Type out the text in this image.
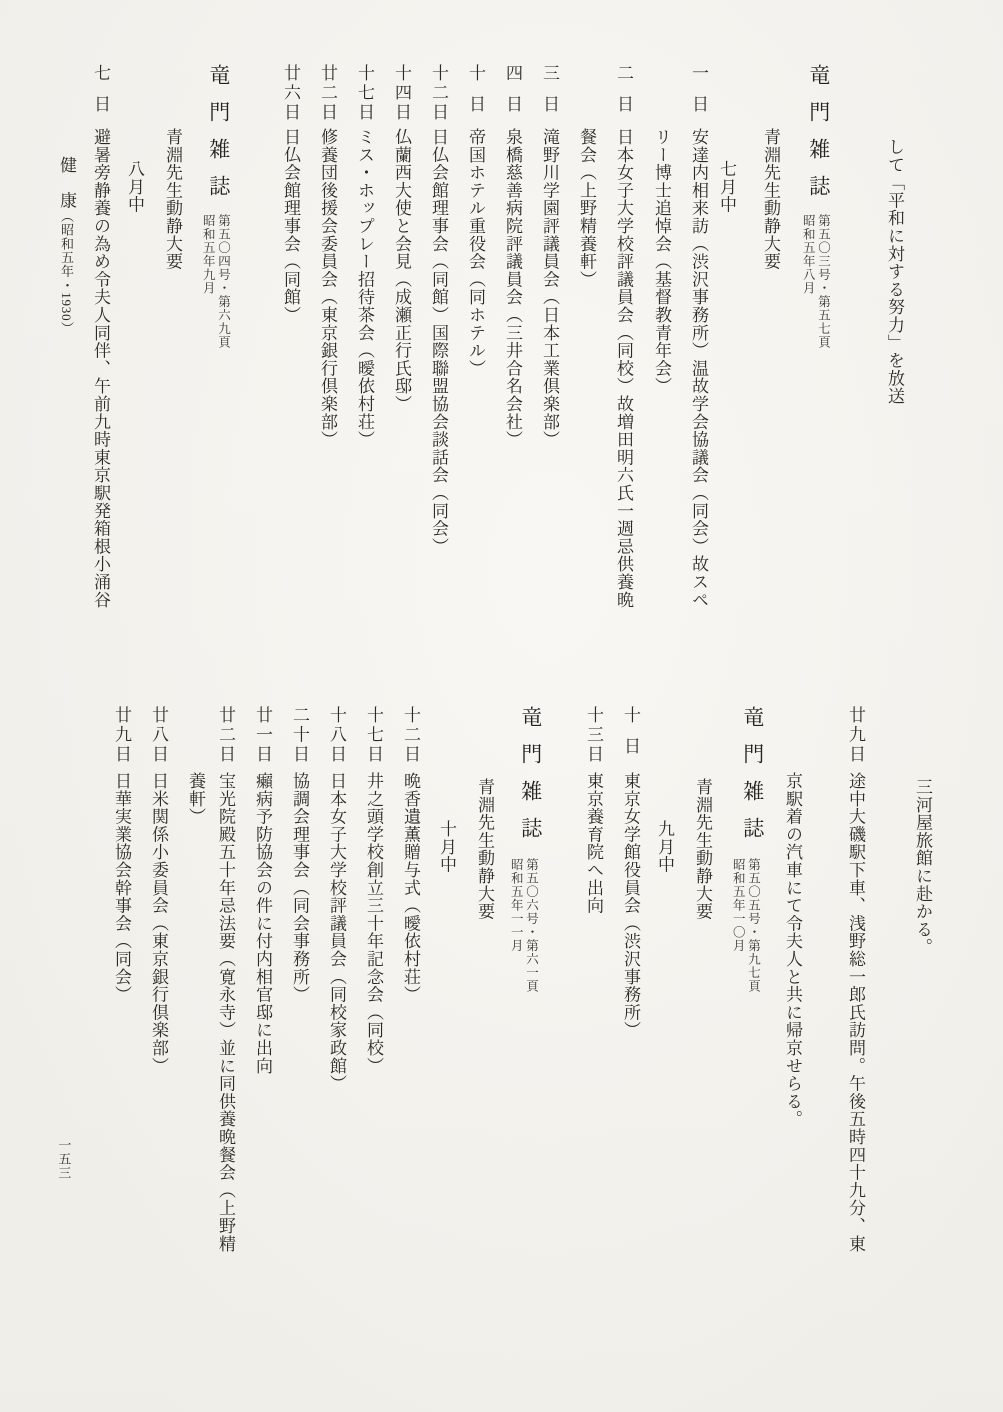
して「平和に対する努力」を放送
竜門雑誌
第五〇三号・第五七頁
昭和五年八月
青淵先生動静大要
七月中
一日
安達内相来訪（渋沢事務所）温故学会協議会（同会）故スペ
リー博士追悼会（基督教青年会）
二日
日本女子大学校評議員会（同校）故増田明六氏一週忌供養晩
餐会（上野精養軒）
三日
滝野川学園評議員会（日本工業倶楽部）
四日
泉橋慈善病院評議員会（三井合名会社）
十日
帝国ホテル重役会（同ホテル）
十二日
日仏会館理事会（同館）国際聯盟協会談話会（同会）
十四日
仏蘭西大使と会見（成瀬正行氏邸）
十七日
ミス・ホップレー招待茶会（曖依村荘）
廿二日
修養団後援会委員会（東京銀行倶楽部）
廿六日
日仏会館理事会（同館）
竜門雑誌
第五〇四号・第六九頁
昭和五年九月
青淵先生動静大要
八月中
七日
避暑旁静養の為め令夫人同伴、午前九時東京駅発箱根小涌谷
健　康（昭和五年・1930）
三河屋旅館に赴かる。
廿九日
途中大磯駅下車、浅野総一郎氏訪問。午後五時四十九分、東
京駅着の汽車にて令夫人と共に帰京せらる。
竜門雑誌
第五〇五号・第九七頁
昭和五年一〇月
青淵先生動静大要
九月中
十日
東京女学館役員会（渋沢事務所）
十三日
東京養育院へ出向
竜門雑誌
第五〇六号・第六一頁
昭和五年一一月
青淵先生動静大要
十月中
十二日
晩香遺薫贈与式（曖依村荘）
十七日
井之頭学校創立三十年記念会（同校）
十八日
日本女子大学校評議員会（同校家政館）
二十日
協調会理事会（同会事務所）
廿一日
癩病予防協会の件に付内相官邸に出向
廿二日
宝光院殿五十年忌法要（寛永寺）並に同供養晩餐会（上野精
養軒）
廿八日
日米関係小委員会（東京銀行倶楽部）
廿九日
日華実業協会幹事会（同会）
一五三
